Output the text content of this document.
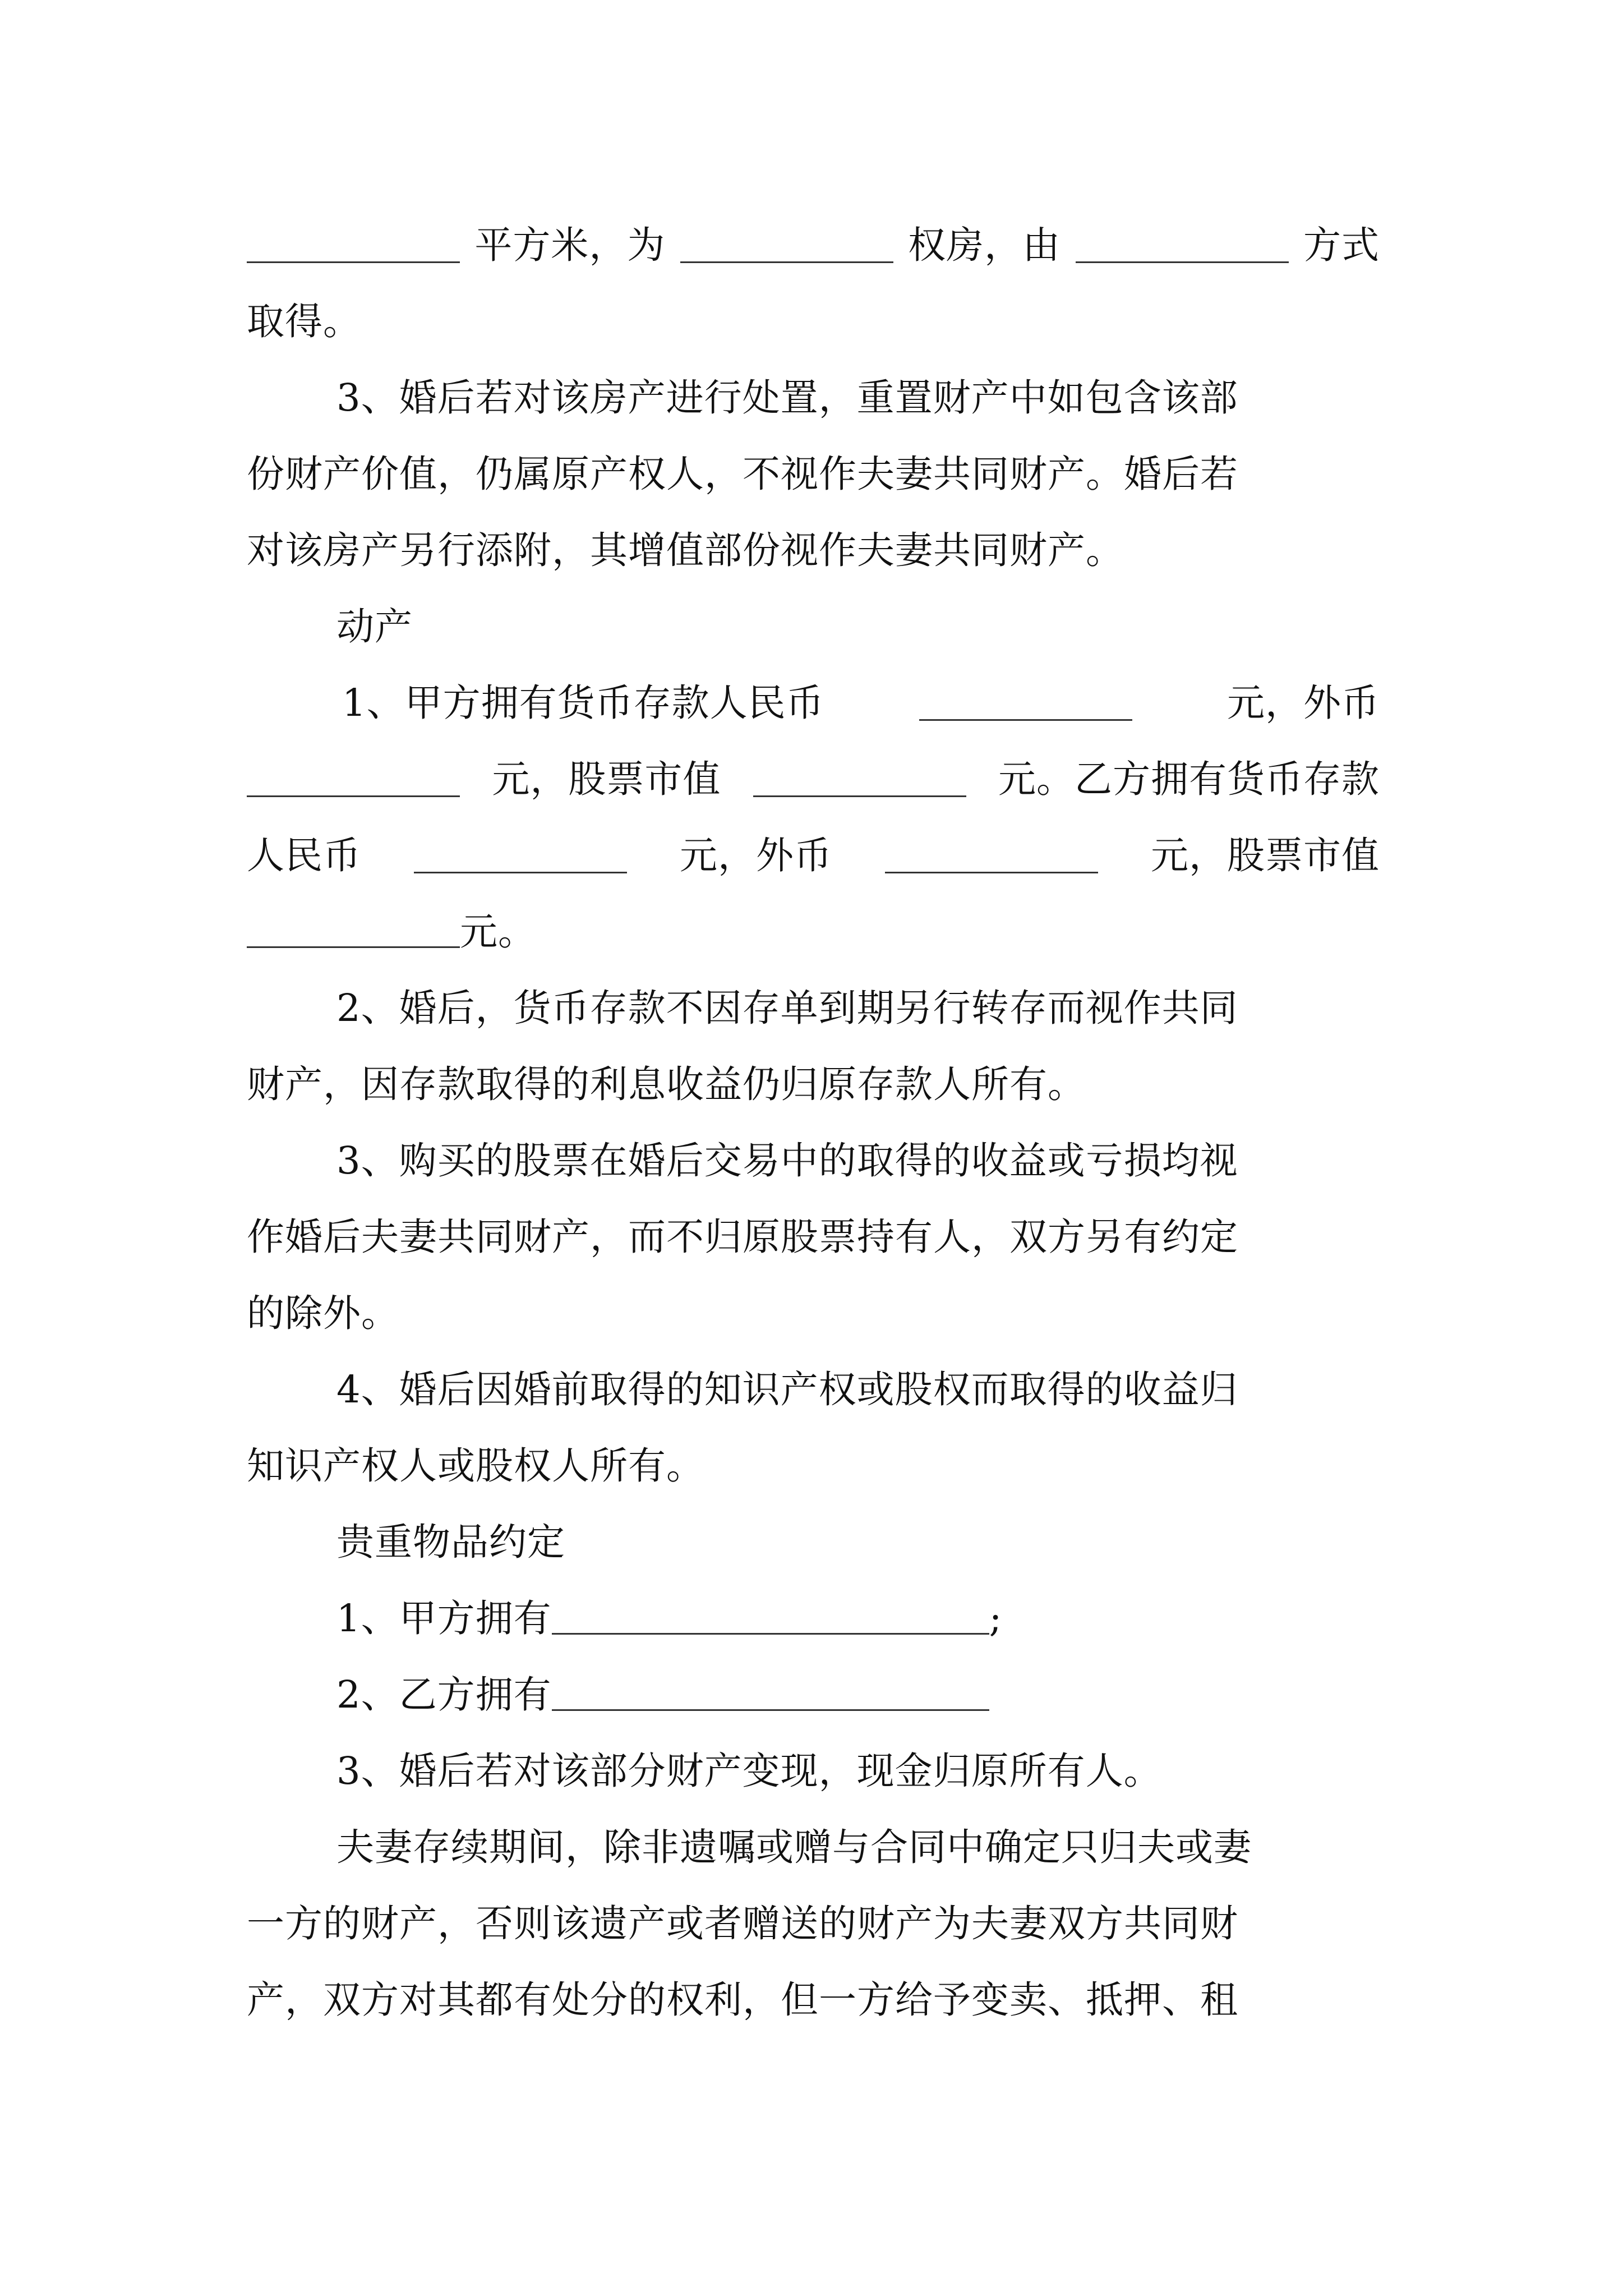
平方米，为	权房，由	方式
取得。
3、婚后若对该房产进行处置，重置财产中如包含该部
份财产价值，仍属原产权人，不视作夫妻共同财产。婚后若
对该房产另行添附，其增值部份视作夫妻共同财产。
动产
1、甲方拥有货币存款人民币	元，外币
元，股票市值	元。乙方拥有货币存款
人民币	元，外币	元，股票市值
元。
2、婚后，货币存款不因存单到期另行转存而视作共同
财产，因存款取得的利息收益仍归原存款人所有。
3、购买的股票在婚后交易中的取得的收益或亏损均视
作婚后夫妻共同财产，而不归原股票持有人，双方另有约定
的除外。
4、婚后因婚前取得的知识产权或股权而取得的收益归
知识产权人或股权人所有。
贵重物品约定
1、甲方拥有	;
2、乙方拥有
3、婚后若对该部分财产变现，现金归原所有人。
夫妻存续期间，除非遗嘱或赠与合同中确定只归夫或妻
一方的财产，否则该遗产或者赠送的财产为夫妻双方共同财
产，双方对其都有处分的权利，但一方给予变卖、抵押、租
